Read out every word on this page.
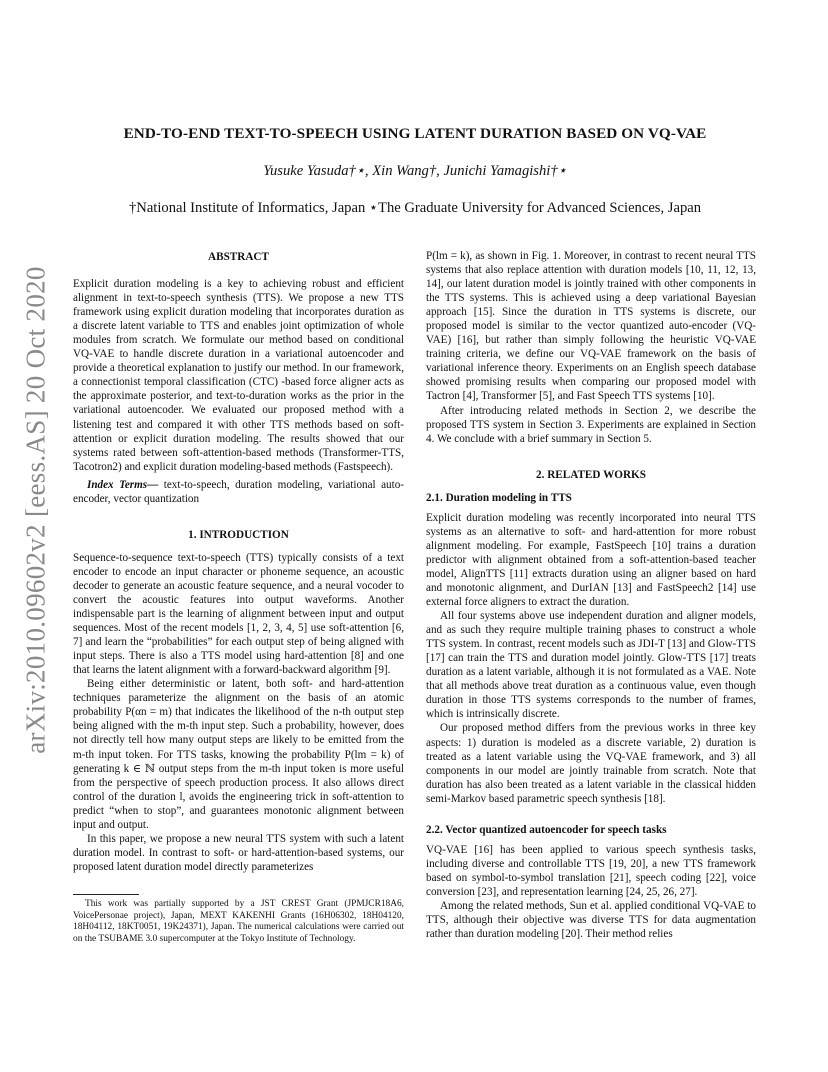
arXiv:2010.09602v2 [eess.AS] 20 Oct 2020
END-TO-END TEXT-TO-SPEECH USING LATENT DURATION BASED ON VQ-VAE
Yusuke Yasuda†⋆, Xin Wang†, Junichi Yamagishi†⋆
†National Institute of Informatics, Japan ⋆The Graduate University for Advanced Sciences, Japan

ABSTRACT

Explicit duration modeling is a key to achieving robust and efficient alignment in text-to-speech synthesis (TTS). We propose a new TTS framework using explicit duration modeling that incorporates duration as a discrete latent variable to TTS and enables joint optimization of whole modules from scratch. We formulate our method based on conditional VQ-VAE to handle discrete duration in a variational autoencoder and provide a theoretical explanation to justify our method. In our framework, a connectionist temporal classification (CTC) -based force aligner acts as the approximate posterior, and text-to-duration works as the prior in the variational autoencoder. We evaluated our proposed method with a listening test and compared it with other TTS methods based on soft-attention or explicit duration modeling. The results showed that our systems rated between soft-attention-based methods (Transformer-TTS, Tacotron2) and explicit duration modeling-based methods (Fastspeech).

Index Terms— text-to-speech, duration modeling, variational auto-encoder, vector quantization

1. INTRODUCTION

Sequence-to-sequence text-to-speech (TTS) typically consists of a text encoder to encode an input character or phoneme sequence, an acoustic decoder to generate an acoustic feature sequence, and a neural vocoder to convert the acoustic features into output waveforms. Another indispensable part is the learning of alignment between input and output sequences. Most of the recent models [1, 2, 3, 4, 5] use soft-attention [6, 7] and learn the “probabilities” for each output step of being aligned with input steps. There is also a TTS model using hard-attention [8] and one that learns the latent alignment with a forward-backward algorithm [9].

Being either deterministic or latent, both soft- and hard-attention techniques parameterize the alignment on the basis of an atomic probability P(αn = m) that indicates the likelihood of the n-th output step being aligned with the m-th input step. Such a probability, however, does not directly tell how many output steps are likely to be emitted from the m-th input token. For TTS tasks, knowing the probability P(lm = k) of generating k ∈ ℕ output steps from the m-th input token is more useful from the perspective of speech production process. It also allows direct control of the duration l, avoids the engineering trick in soft-attention to predict “when to stop”, and guarantees monotonic alignment between input and output.

In this paper, we propose a new neural TTS system with such a latent duration model. In contrast to soft- or hard-attention-based systems, our proposed latent duration model directly parameterizes

This work was partially supported by a JST CREST Grant (JPMJCR18A6, VoicePersonae project), Japan, MEXT KAKENHI Grants (16H06302, 18H04120, 18H04112, 18KT0051, 19K24371), Japan. The numerical calculations were carried out on the TSUBAME 3.0 supercomputer at the Tokyo Institute of Technology.

P(lm = k), as shown in Fig. 1. Moreover, in contrast to recent neural TTS systems that also replace attention with duration models [10, 11, 12, 13, 14], our latent duration model is jointly trained with other components in the TTS systems. This is achieved using a deep variational Bayesian approach [15]. Since the duration in TTS systems is discrete, our proposed model is similar to the vector quantized auto-encoder (VQ-VAE) [16], but rather than simply following the heuristic VQ-VAE training criteria, we define our VQ-VAE framework on the basis of variational inference theory. Experiments on an English speech database showed promising results when comparing our proposed model with Tactron [4], Transformer [5], and Fast Speech TTS systems [10].

After introducing related methods in Section 2, we describe the proposed TTS system in Section 3. Experiments are explained in Section 4. We conclude with a brief summary in Section 5.

2. RELATED WORKS

2.1. Duration modeling in TTS

Explicit duration modeling was recently incorporated into neural TTS systems as an alternative to soft- and hard-attention for more robust alignment modeling. For example, FastSpeech [10] trains a duration predictor with alignment obtained from a soft-attention-based teacher model, AlignTTS [11] extracts duration using an aligner based on hard and monotonic alignment, and DurIAN [13] and FastSpeech2 [14] use external force aligners to extract the duration.

All four systems above use independent duration and aligner models, and as such they require multiple training phases to construct a whole TTS system. In contrast, recent models such as JDI-T [13] and Glow-TTS [17] can train the TTS and duration model jointly. Glow-TTS [17] treats duration as a latent variable, although it is not formulated as a VAE. Note that all methods above treat duration as a continuous value, even though duration in those TTS systems corresponds to the number of frames, which is intrinsically discrete.

Our proposed method differs from the previous works in three key aspects: 1) duration is modeled as a discrete variable, 2) duration is treated as a latent variable using the VQ-VAE framework, and 3) all components in our model are jointly trainable from scratch. Note that duration has also been treated as a latent variable in the classical hidden semi-Markov based parametric speech synthesis [18].

2.2. Vector quantized autoencoder for speech tasks

VQ-VAE [16] has been applied to various speech synthesis tasks, including diverse and controllable TTS [19, 20], a new TTS framework based on symbol-to-symbol translation [21], speech coding [22], voice conversion [23], and representation learning [24, 25, 26, 27].

Among the related methods, Sun et al. applied conditional VQ-VAE to TTS, although their objective was diverse TTS for data augmentation rather than duration modeling [20]. Their method relies
